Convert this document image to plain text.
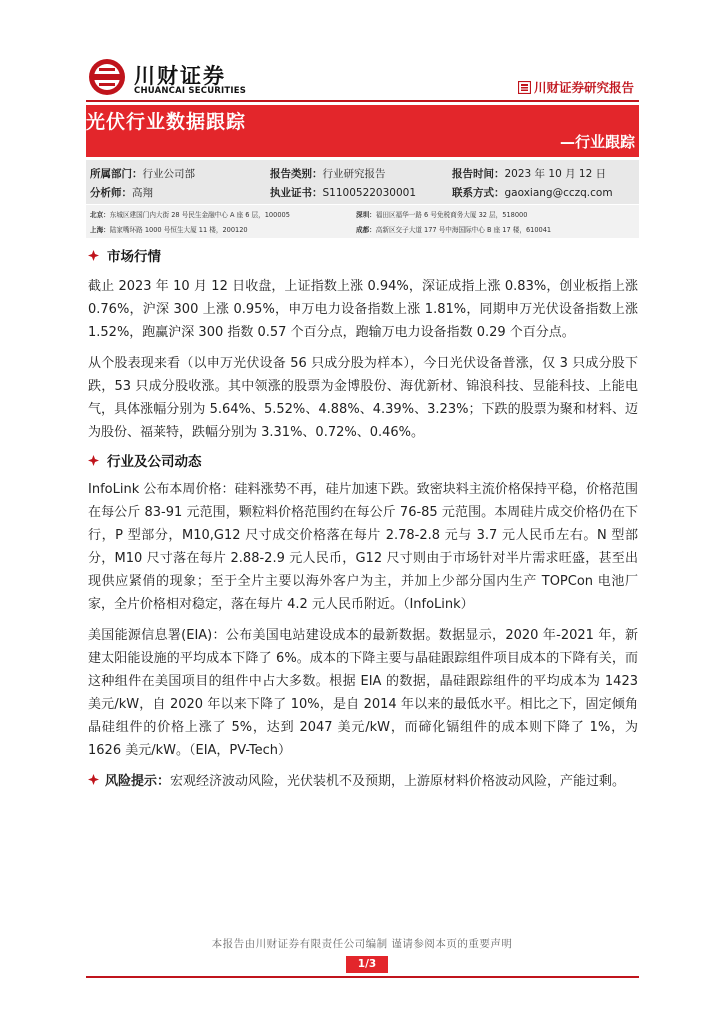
川财证券
CHUANCAI SECURITIES	川财证券研究报告
光伏行业数据跟踪
—行业跟踪
所属部门：行业公司部	报告类别：行业研究报告	报告时间：2023 年 10 月 12 日
分析师：高翔	执业证书：S1100522030001	联系方式：gaoxiang@cczq.com
北京：东城区建国门内大街 28 号民生金融中心 A 座 6 层，100005	深圳：福田区福华一路 6 号免税商务大厦 32 层，518000
上海：陆家嘴环路 1000 号恒生大厦 11 楼，200120	成都：高新区交子大道 177 号中海国际中心 B 座 17 楼，610041
市场行情

截止 2023 年 10 月 12 日收盘，上证指数上涨 0.94%，深证成指上涨 0.83%，创业板指上涨 0.76%，沪深 300 上涨 0.95%，申万电力设备指数上涨 1.81%，同期申万光伏设备指数上涨 1.52%，跑赢沪深 300 指数 0.57 个百分点，跑输万电力设备指数 0.29 个百分点。

从个股表现来看（以申万光伏设备 56 只成分股为样本），今日光伏设备普涨，仅 3 只成分股下跌，53 只成分股收涨。其中领涨的股票为金博股份、海优新材、锦浪科技、昱能科技、上能电气，具体涨幅分别为 5.64%、5.52%、4.88%、4.39%、3.23%；下跌的股票为聚和材料、迈为股份、福莱特，跌幅分别为 3.31%、0.72%、0.46%。

行业及公司动态

InfoLink 公布本周价格：硅料涨势不再，硅片加速下跌。致密块料主流价格保持平稳，价格范围在每公斤 83-91 元范围，颗粒料价格范围约在每公斤 76-85 元范围。本周硅片成交价格仍在下行，P 型部分，M10,G12 尺寸成交价格落在每片 2.78-2.8 元与 3.7 元人民币左右。N 型部分，M10 尺寸落在每片 2.88-2.9 元人民币，G12 尺寸则由于市场针对半片需求旺盛，甚至出现供应紧俏的现象；至于全片主要以海外客户为主，并加上少部分国内生产 TOPCon 电池厂家，全片价格相对稳定，落在每片 4.2 元人民币附近。（InfoLink）

美国能源信息署(EIA)：公布美国电站建设成本的最新数据。数据显示，2020 年-2021 年，新建太阳能设施的平均成本下降了 6%。成本的下降主要与晶硅跟踪组件项目成本的下降有关，而这种组件在美国项目的组件中占大多数。根据 EIA 的数据，晶硅跟踪组件的平均成本为 1423 美元/kW，自 2020 年以来下降了 10%，是自 2014 年以来的最低水平。相比之下，固定倾角晶硅组件的价格上涨了 5%，达到 2047 美元/kW，而碲化镉组件的成本则下降了 1%，为 1626 美元/kW。（EIA，PV-Tech）

风险提示：宏观经济波动风险，光伏装机不及预期，上游原材料价格波动风险，产能过剩。
本报告由川财证券有限责任公司编制 谨请参阅本页的重要声明
1/3
